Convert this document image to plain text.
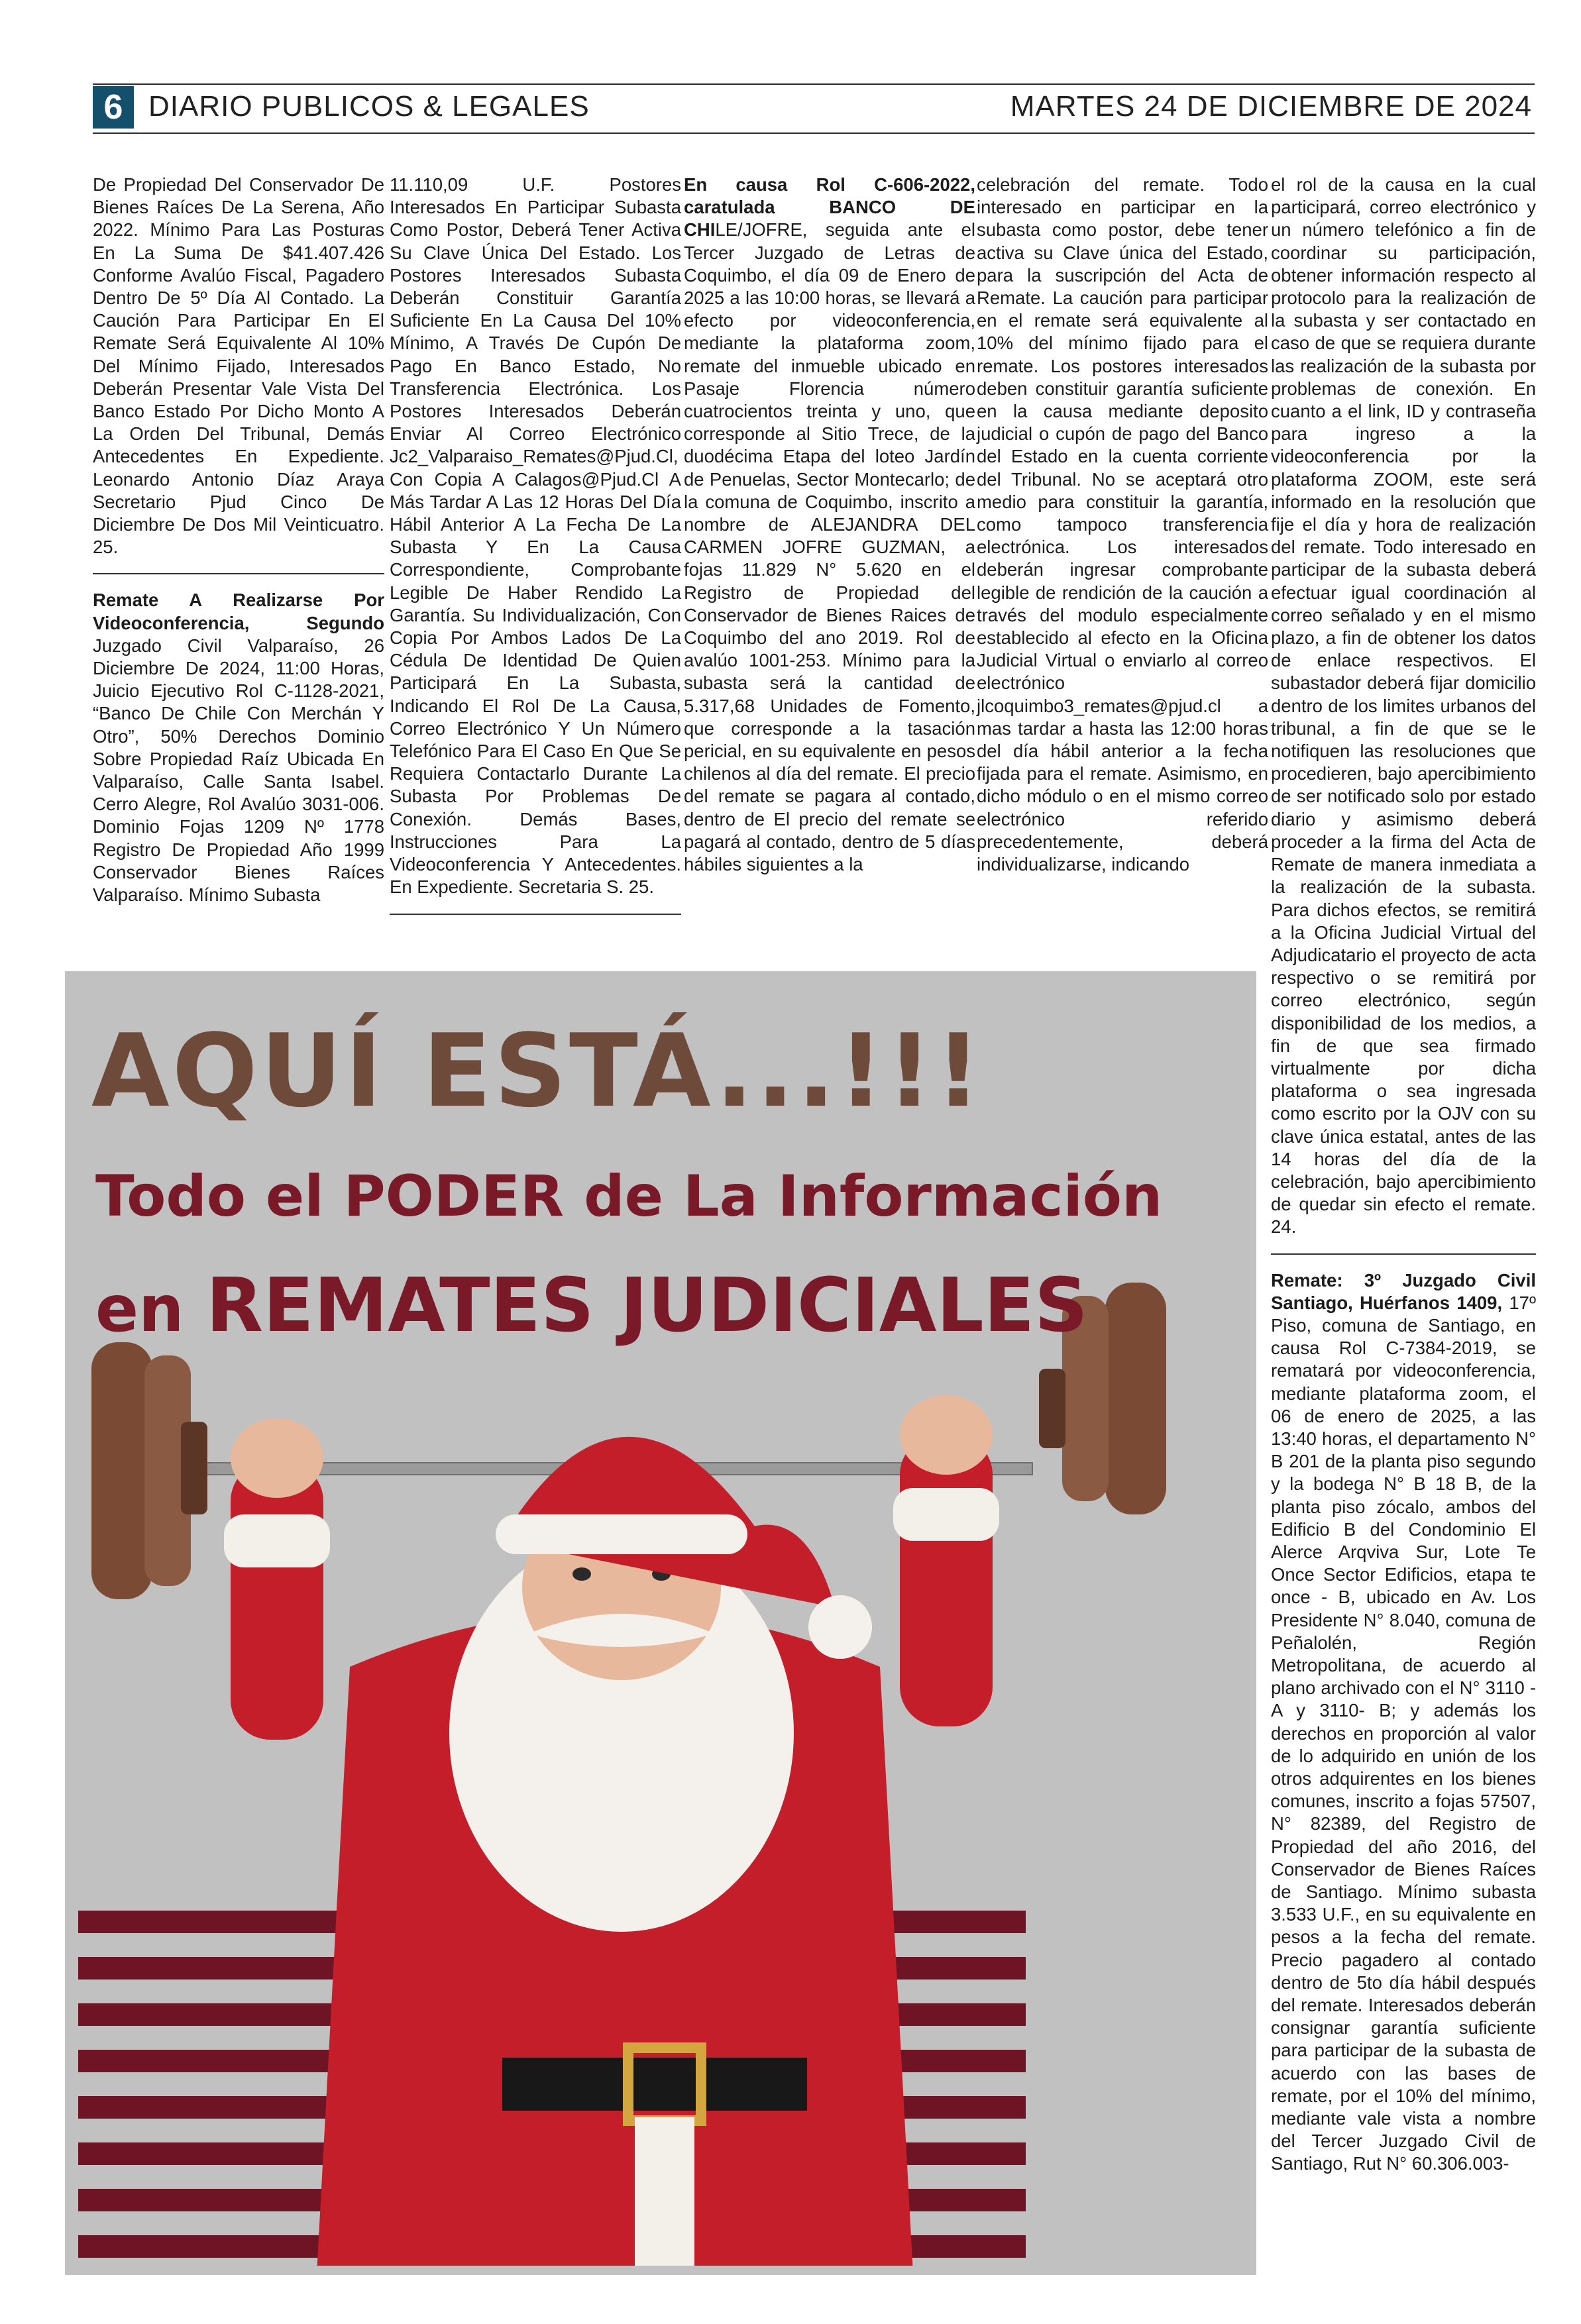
6 DIARIO PUBLICOS & LEGALES	MARTES 24 DE DICIEMBRE DE 2024

De Propiedad Del Conservador De Bienes Raíces De La Serena, Año 2022. Mínimo Para Las Posturas En La Suma De $41.407.426 Conforme Avalúo Fiscal, Pagadero Dentro De 5º Día Al Contado. La Caución Para Participar En El Remate Será Equivalente Al 10% Del Mínimo Fijado, Interesados Deberán Presentar Vale Vista Del Banco Estado Por Dicho Monto A La Orden Del Tribunal, Demás Antecedentes En Expediente. Leonardo Antonio Díaz Araya Secretario Pjud Cinco De Diciembre De Dos Mil Veinticuatro. 25.

Remate A Realizarse Por Videoconferencia, Segundo Juzgado Civil Valparaíso, 26 Diciembre De 2024, 11:00 Horas, Juicio Ejecutivo Rol C-1128-2021, “Banco De Chile Con Merchán Y Otro”, 50% Derechos Dominio Sobre Propiedad Raíz Ubicada En Valparaíso, Calle Santa Isabel. Cerro Alegre, Rol Avalúo 3031-006. Dominio Fojas 1209 Nº 1778 Registro De Propiedad Año 1999 Conservador Bienes Raíces Valparaíso. Mínimo Subasta

11.110,09 U.F. Postores Interesados En Participar Subasta Como Postor, Deberá Tener Activa Su Clave Única Del Estado. Los Postores Interesados Subasta Deberán Constituir Garantía Suficiente En La Causa Del 10% Mínimo, A Través De Cupón De Pago En Banco Estado, No Transferencia Electrónica. Los Postores Interesados Deberán Enviar Al Correo Electrónico Jc2_Valparaiso_Remates@Pjud.Cl, Con Copia A Calagos@Pjud.Cl A Más Tardar A Las 12 Horas Del Día Hábil Anterior A La Fecha De La Subasta Y En La Causa Correspondiente, Comprobante Legible De Haber Rendido La Garantía. Su Individualización, Con Copia Por Ambos Lados De La Cédula De Identidad De Quien Participará En La Subasta, Indicando El Rol De La Causa, Correo Electrónico Y Un Número Telefónico Para El Caso En Que Se Requiera Contactarlo Durante La Subasta Por Problemas De Conexión. Demás Bases, Instrucciones Para La Videoconferencia Y Antecedentes. En Expediente. Secretaria S. 25.

En causa Rol C-606-2022, caratulada BANCO DE CHILE/JOFRE, seguida ante el Tercer Juzgado de Letras de Coquimbo, el día 09 de Enero de 2025 a las 10:00 horas, se llevará a efecto por videoconferencia, mediante la plataforma zoom, remate del inmueble ubicado en Pasaje Florencia número cuatrocientos treinta y uno, que corresponde al Sitio Trece, de la duodécima Etapa del loteo Jardín de Penuelas, Sector Montecarlo; de la comuna de Coquimbo, inscrito a nombre de ALEJANDRA DEL CARMEN JOFRE GUZMAN, a fojas 11.829 N° 5.620 en el Registro de Propiedad del Conservador de Bienes Raices de Coquimbo del ano 2019. Rol de avalúo 1001-253. Mínimo para la subasta será la cantidad de 5.317,68 Unidades de Fomento, que corresponde a la tasación pericial, en su equivalente en pesos chilenos al día del remate. El precio del remate se pagara al contado, dentro de El precio del remate se pagará al contado, dentro de 5 días hábiles siguientes a la

celebración del remate. Todo interesado en participar en la subasta como postor, debe tener activa su Clave única del Estado, para la suscripción del Acta de Remate. La caución para participar en el remate será equivalente al 10% del mínimo fijado para el remate. Los postores interesados deben constituir garantía suficiente en la causa mediante deposito judicial o cupón de pago del Banco del Estado en la cuenta corriente del Tribunal. No se aceptará otro medio para constituir la garantía, como tampoco transferencia electrónica. Los interesados deberán ingresar comprobante legible de rendición de la caución a través del modulo especialmente establecido al efecto en la Oficina Judicial Virtual o enviarlo al correo electrónico jlcoquimbo3_remates@pjud.cl a mas tardar a hasta las 12:00 horas del día hábil anterior a la fecha fijada para el remate. Asimismo, en dicho módulo o en el mismo correo electrónico referido precedentemente, deberá individualizarse, indicando

el rol de la causa en la cual participará, correo electrónico y un número telefónico a fin de coordinar su participación, obtener información respecto al protocolo para la realización de la subasta y ser contactado en caso de que se requiera durante las realización de la subasta por problemas de conexión. En cuanto a el link, ID y contraseña para ingreso a la videoconferencia por la plataforma ZOOM, este será informado en la resolución que fije el día y hora de realización del remate. Todo interesado en participar de la subasta deberá efectuar igual coordinación al correo señalado y en el mismo plazo, a fin de obtener los datos de enlace respectivos. El subastador deberá fijar domicilio dentro de los limites urbanos del tribunal, a fin de que se le notifiquen las resoluciones que procedieren, bajo apercibimiento de ser notificado solo por estado diario y asimismo deberá proceder a la firma del Acta de Remate de manera inmediata a la realización de la subasta. Para dichos efectos, se remitirá a la Oficina Judicial Virtual del Adjudicatario el proyecto de acta respectivo o se remitirá por correo electrónico, según disponibilidad de los medios, a fin de que sea firmado virtualmente por dicha plataforma o sea ingresada como escrito por la OJV con su clave única estatal, antes de las 14 horas del día de la celebración, bajo apercibimiento de quedar sin efecto el remate. 24.

Remate: 3º Juzgado Civil Santiago, Huérfanos 1409, 17º Piso, comuna de Santiago, en causa Rol C-7384-2019, se rematará por videoconferencia, mediante plataforma zoom, el 06 de enero de 2025, a las 13:40 horas, el departamento N° B 201 de la planta piso segundo y la bodega N° B 18 B, de la planta piso zócalo, ambos del Edificio B del Condominio El Alerce Arqviva Sur, Lote Te Once Sector Edificios, etapa te once - B, ubicado en Av. Los Presidente N° 8.040, comuna de Peñalolén, Región Metropolitana, de acuerdo al plano archivado con el N° 3110 - A y 3110- B; y además los derechos en proporción al valor de lo adquirido en unión de los otros adquirentes en los bienes comunes, inscrito a fojas 57507, N° 82389, del Registro de Propiedad del año 2016, del Conservador de Bienes Raíces de Santiago. Mínimo subasta 3.533 U.F., en su equivalente en pesos a la fecha del remate. Precio pagadero al contado dentro de 5to día hábil después del remate. Interesados deberán consignar garantía suficiente para participar de la subasta de acuerdo con las bases de remate, por el 10% del mínimo, mediante vale vista a nombre del Tercer Juzgado Civil de Santiago, Rut N° 60.306.003-

AQUÍ ESTÁ...!!!
Todo el PODER de La Información
en REMATES JUDICIALES
